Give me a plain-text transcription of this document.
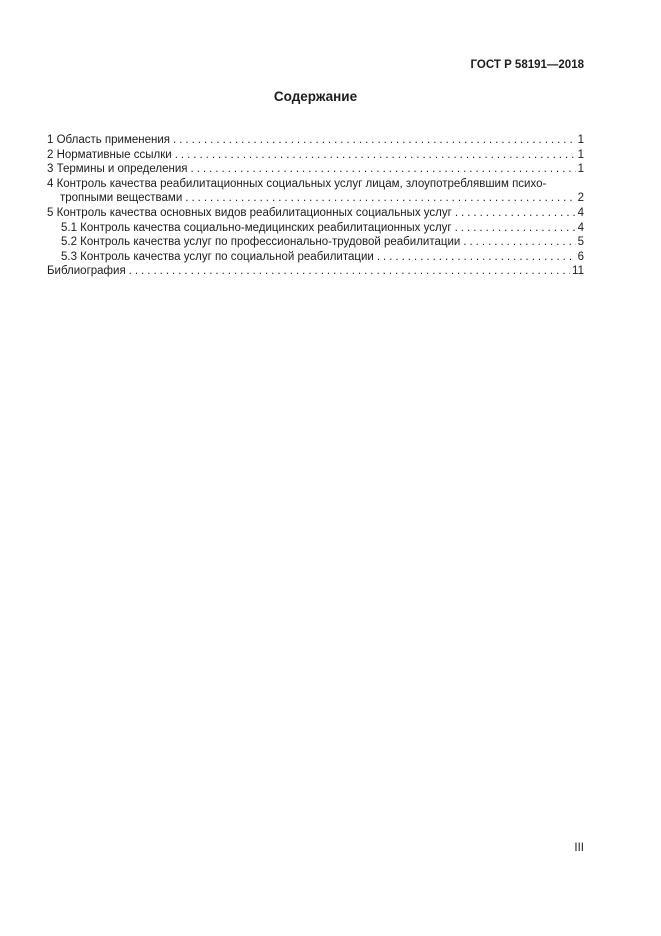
ГОСТ Р 58191—2018
Содержание
1 Область применения .....	1
2 Нормативные ссылки .....	1
3 Термины и определения .....	1
4 Контроль качества реабилитационных социальных услуг лицам, злоупотреблявшим психо-
тропными веществами .....	2
5 Контроль качества основных видов реабилитационных социальных услуг .....	4
5.1 Контроль качества социально-медицинских реабилитационных услуг .....	4
5.2 Контроль качества услуг по профессионально-трудовой реабилитации .....	5
5.3 Контроль качества услуг по социальной реабилитации .....	6
Библиография .....	11
III
